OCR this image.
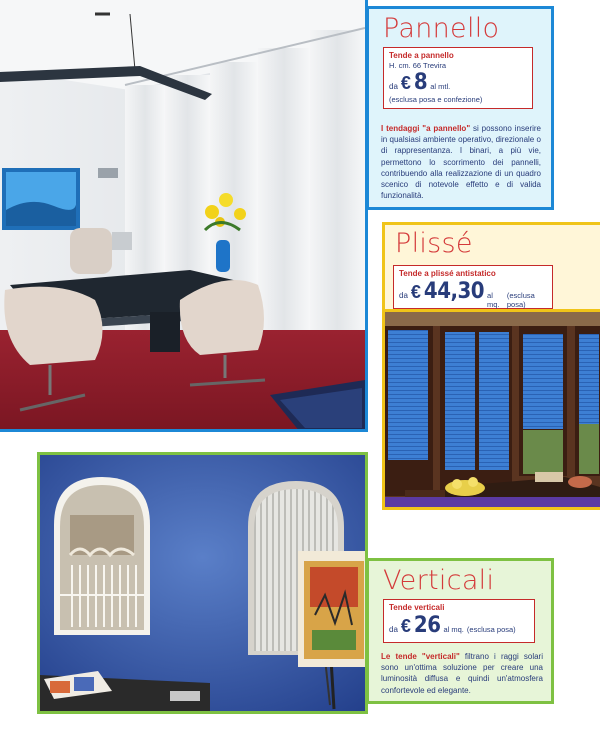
Pannello
Tende a pannello
H. cm. 66 Trevira
da € 8 al mtl.
(esclusa posa e confezione)

I tendaggi "a pannello" si possono inserire in qualsiasi ambiente operativo, direzionale o di rappresentanza. I binari, a più vie, permettono lo scorrimento dei pannelli, contribuendo alla realizzazione di un quadro scenico di notevole effetto e di valida funzionalità.

Plissé
Tende a plissé antistatico
da € 44,30 al mq.
(esclusa posa)
Verticali
Tende verticali
da € 26 al mq. (esclusa posa)

Le tende "verticali" filtrano i raggi solari sono un'ottima soluzione per creare una luminosità diffusa e quindi un'atmosfera confortevole ed elegante.
